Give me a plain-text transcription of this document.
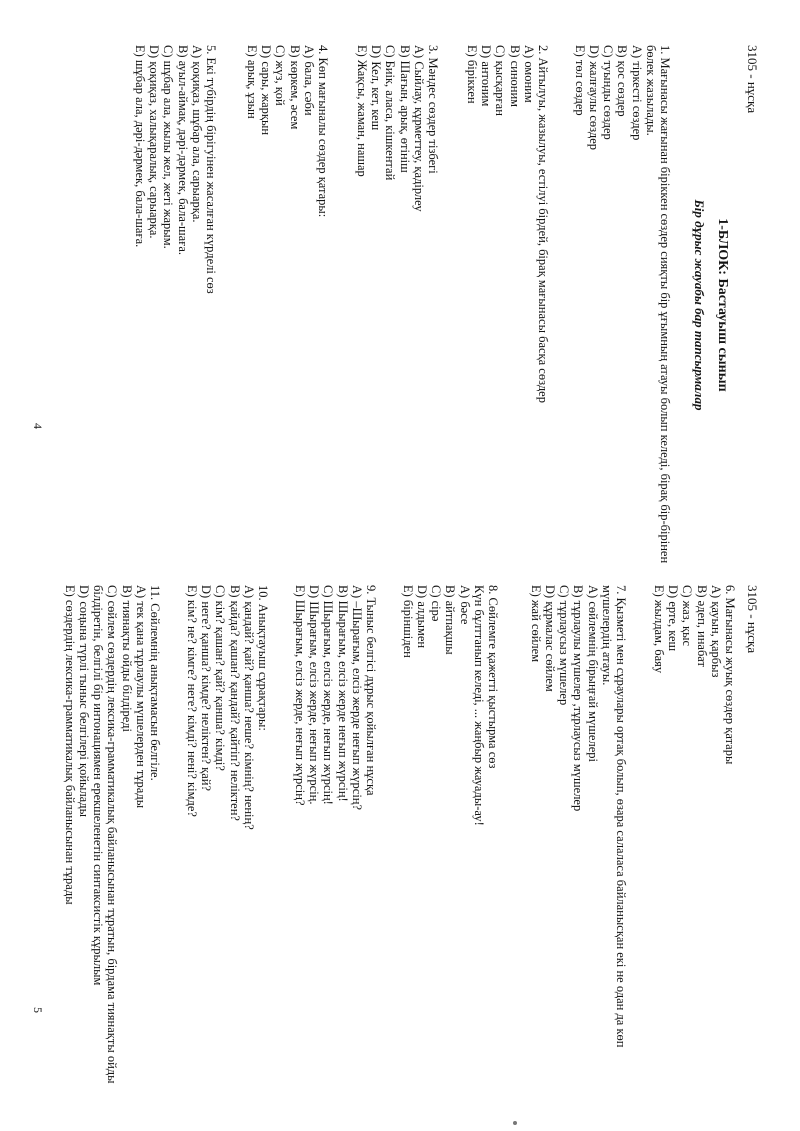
3105 - нұсқа
3105 - нұсқа
1-БЛОК: Бастауыш сынып
Бір дұрыс жауабы бар тапсырмалар
1. Мағынасы жағынан біріккен сөздер сияқты бір ұғымның атауы болып келеді, бірақ бір-бірінен бөлек жазылады.
А) тіркесті сөздер
В) қос сөздер
С) туынды сөздер
D) жалғаулы сөздер
Е) төл сөздер
2. Айтылуы, жазылуы, естілуі бірдей, бірақ мағынасы басқа сөздер
А) омоним
В) синоним
С) қысқарған
D) антоним
Е) біріккен
3. Мәндес сөздер тізбегі
А) Сыйлау, құрметтеу, қадірлеу
В) Шағын, арық, өтініш
С) Биік, аласа, кішкентай
D) Кел, кет, кеш
Е) Жақсы, жаман, нашар
4. Көп мағыналы сөздер қатары:
А) бала, сәби
В) көркем, әсем
С) жүз, қой
D) сары, жарқын
Е) арық, ұзын
5. Екі түбірдің бірігуінен жасалған күрделі сөз
А) қоқиқаз, шұбар ала, сарыарқа.
В) ауыл-аймақ, дәрі-дәрмек, бала-шаға.
С) шұбар ала, жылы жел, жеті жарым.
D) қоқиқаз, халықаралық, сарыарқа.
Е) шұбар ала, дәрі-дәрмек, бала-шаға.
6. Мағынасы жуық сөздер қатары
А) қауын, қарбыз
В) әдеп, инабат
С) жаз, қыс
D) ерте, кеш
Е) жылдам, баяу
7. Қызметі мен сұраулары ортақ болып, өзара салаласа байланысқан екі не одан да көп мүшелердің атауы.
А) сөйлемнің бірыңғай мүшелері
В) тұрлаулы мүшелер ,тұрлаусыз мүшелер
С) тұрлаусыз мүшелер
D) құрмалас сөйлем
Е) жай сөйлем
8. Сөйлемге қажетті қыстырма сөз
Күн бұлттанып келеді, ... жаңбыр жауады-ау!
А) бәсе
В) айтпақшы
С) сірә
D) алдымен
Е) біріншіден
9. Тыныс белгісі дұрыс қойылған нұсқа
А) –Шырағым, елсіз жерде неғып жүрсің?
В) Шырағым, елсіз жерде неғып жүрсің!
С) Шырағым, елсіз жерде, неғып жүрсің!
D) Шырағым, елсіз жерде, неғып жүрсің.
Е) Шырағым, елсіз жерде, неғып жүрсің?
10. Анықтауыш сұрақтары:
А) қандай? қай? қанша? неше? кімнің? ненің?
В) қайда? қашан? қандай? қайтіп? неліктен?
С) кім? қашан? қай? қанша? кімді?
D) неге? қанша? кімде? неліктен? қай?
Е) кім? не? кімге? неге? кімді? нені? кімде?
11. Сөйлемнің анықтамасын белгіле.
А) тек қана тұрлаулы мүшелерден тұрады
В) тиянақты ойды білдіреді
С) сөйлем сөздердің лексика-грамматикалық байланысынан тұратын, бірдама тиянақты ойды білдіретін, белгілі бір интонациямен ерекшеленетін синтаксистік құрылым
D) соңына түрлі тыныс белгілері қойылады
Е) сөздердің лексика-грамматикалық байланысынан тұрады
4
5
